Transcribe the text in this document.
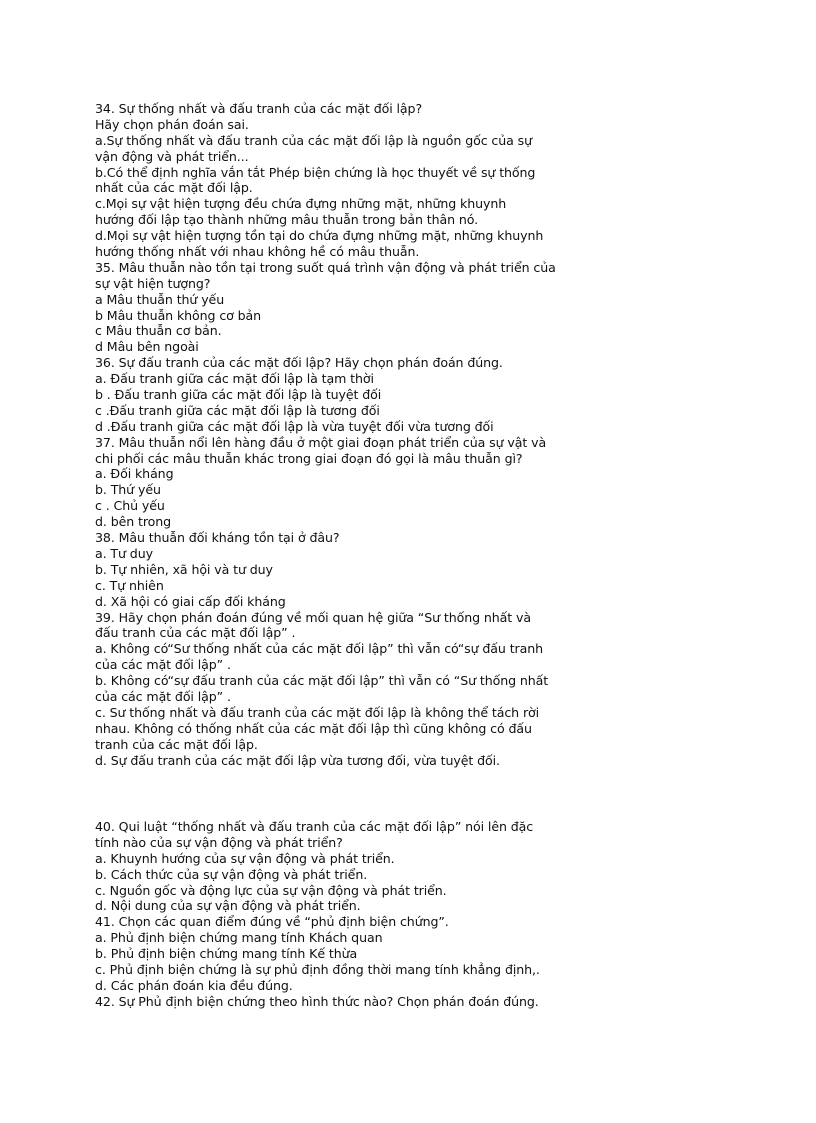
34. Sự thống nhất và đấu tranh của các mặt đối lập?
Hãy chọn phán đoán sai.
a.Sự thống nhất và đấu tranh của các mặt đối lập là nguồn gốc của sự
vận động và phát triển...
b.Có thể định nghĩa vắn tắt Phép biện chứng là học thuyết về sự thống
nhất của các mặt đối lập.
c.Mọi sự vật hiện tượng đều chứa đựng những mặt, những khuynh
hướng đối lập tạo thành những mâu thuẫn trong bản thân nó.
d.Mọi sự vật hiện tượng tồn tại do chứa đựng những mặt, những khuynh
hướng thống nhất với nhau không hề có mâu thuẫn.
35. Mâu thuẫn nào tồn tại trong suốt quá trình vận động và phát triển của
sự vật hiện tượng?
a Mâu thuẫn thứ yếu
b Mâu thuẫn không cơ bản
c Mâu thuẫn cơ bản.
d Mâu bên ngoài
36. Sự đấu tranh của các mặt đối lập? Hãy chọn phán đoán đúng.
a. Đấu tranh giữa các mặt đối lập là tạm thời
b . Đấu tranh giữa các mặt đối lập là tuyệt đối
c .Đấu tranh giữa các mặt đối lập là tương đối
d .Đấu tranh giữa các mặt đối lập là vừa tuyệt đối vừa tương đối
37. Mâu thuẫn nổi lên hàng đầu ở một giai đoạn phát triển của sự vật và
chi phối các mâu thuẫn khác trong giai đoạn đó gọi là mâu thuẫn gì?
a. Đối kháng
b. Thứ yếu
c . Chủ yếu
d. bên trong
38. Mâu thuẫn đối kháng tồn tại ở đâu?
a. Tư duy
b. Tự nhiên, xã hội và tư duy
c. Tự nhiên
d. Xã hội có giai cấp đối kháng
39. Hãy chọn phán đoán đúng về mối quan hệ giữa “Sư thống nhất và
đấu tranh của các mặt đối lập” .
a. Không có“Sư thống nhất của các mặt đối lập” thì vẫn có“sự đấu tranh
của các mặt đối lập” .
b. Không có“sự đấu tranh của các mặt đối lập” thì vẫn có “Sư thống nhất
của các mặt đối lập” .
c. Sư thống nhất và đấu tranh của các mặt đối lập là không thể tách rời
nhau. Không có thống nhất của các mặt đối lập thì cũng không có đấu
tranh của các mặt đối lập.
d. Sự đấu tranh của các mặt đối lập vừa tương đối, vừa tuyệt đối.
40. Qui luật “thống nhất và đấu tranh của các mặt đối lập” nói lên đặc
tính nào của sự vận động và phát triển?
a. Khuynh hướng của sự vận động và phát triển.
b. Cách thức của sự vận động và phát triển.
c. Nguồn gốc và động lực của sự vận động và phát triển.
d. Nội dung của sự vận động và phát triển.
41. Chọn các quan điểm đúng về “phủ định biện chứng”.
a. Phủ định biện chứng mang tính Khách quan
b. Phủ định biện chứng mang tính Kế thừa
c. Phủ định biện chứng là sự phủ định đồng thời mang tính khẳng định,.
d. Các phán đoán kia đều đúng.
42. Sự Phủ định biện chứng theo hình thức nào? Chọn phán đoán đúng.
